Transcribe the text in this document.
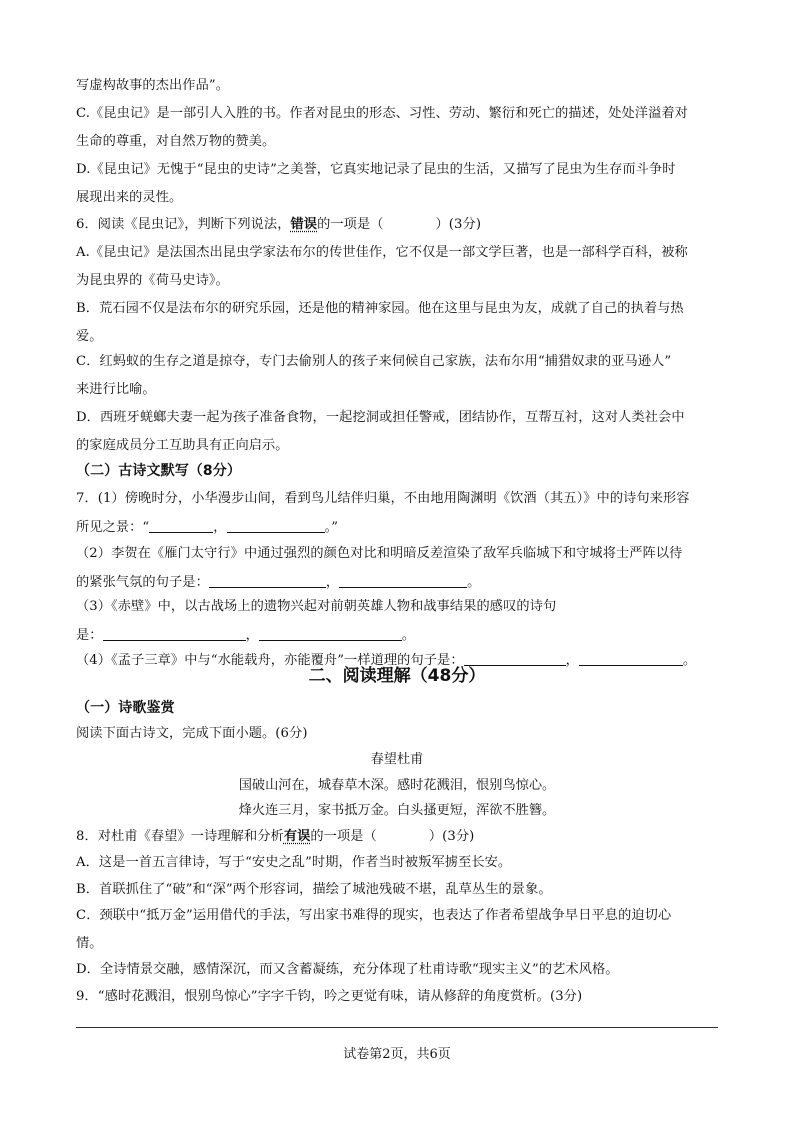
写虚构故事的杰出作品”。
C.《昆虫记》是一部引人入胜的书。作者对昆虫的形态、习性、劳动、繁衍和死亡的描述，处处洋溢着对
生命的尊重，对自然万物的赞美。
D.《昆虫记》无愧于“昆虫的史诗”之美誉，它真实地记录了昆虫的生活，又描写了昆虫为生存而斗争时
展现出来的灵性。
6．阅读《昆虫记》，判断下列说法，错误的一项是（	）(3分)
A.《昆虫记》是法国杰出昆虫学家法布尔的传世佳作，它不仅是一部文学巨著，也是一部科学百科，被称
为昆虫界的《荷马史诗》。
B．荒石园不仅是法布尔的研究乐园，还是他的精神家园。他在这里与昆虫为友，成就了自己的执着与热
爱。
C．红蚂蚁的生存之道是掠夺，专门去偷别人的孩子来伺候自己家族，法布尔用“捕猎奴隶的亚马逊人”
来进行比喻。
D．西班牙蜣螂夫妻一起为孩子准备食物，一起挖洞或担任警戒，团结协作，互帮互衬，这对人类社会中
的家庭成员分工互助具有正向启示。
（二）古诗文默写（8分）
7．(1）傍晚时分，小华漫步山间，看到鸟儿结伴归巢，不由地用陶渊明《饮酒（其五）》中的诗句来形容
所见之景：“	，	。”
（2）李贺在《雁门太守行》中通过强烈的颜色对比和明暗反差渲染了敌军兵临城下和守城将士严阵以待
的紧张气氛的句子是：	，	。
（3）《赤壁》中，以古战场上的遗物兴起对前朝英雄人物和战事结果的感叹的诗句
是：	，	。
（4）《孟子三章》中与“水能载舟，亦能覆舟”一样道理的句子是：	，	。
二、阅读理解（48分）
（一）诗歌鉴赏
阅读下面古诗文，完成下面小题。(6分)
春望杜甫
国破山河在，城春草木深。感时花溅泪，恨别鸟惊心。
烽火连三月，家书抵万金。白头搔更短，浑欲不胜簪。
8．对杜甫《春望》一诗理解和分析有误的一项是（	）(3分)
A．这是一首五言律诗，写于“安史之乱”时期，作者当时被叛军掳至长安。
B．首联抓住了“破”和“深”两个形容词，描绘了城池残破不堪，乱草丛生的景象。
C．颈联中“抵万金”运用借代的手法，写出家书难得的现实，也表达了作者希望战争早日平息的迫切心
情。
D．全诗情景交融，感情深沉，而又含蓄凝练，充分体现了杜甫诗歌“现实主义”的艺术风格。
9．“感时花溅泪，恨别鸟惊心”字字千钧，吟之更觉有味，请从修辞的角度赏析。(3分)
试卷第2页，共6页
